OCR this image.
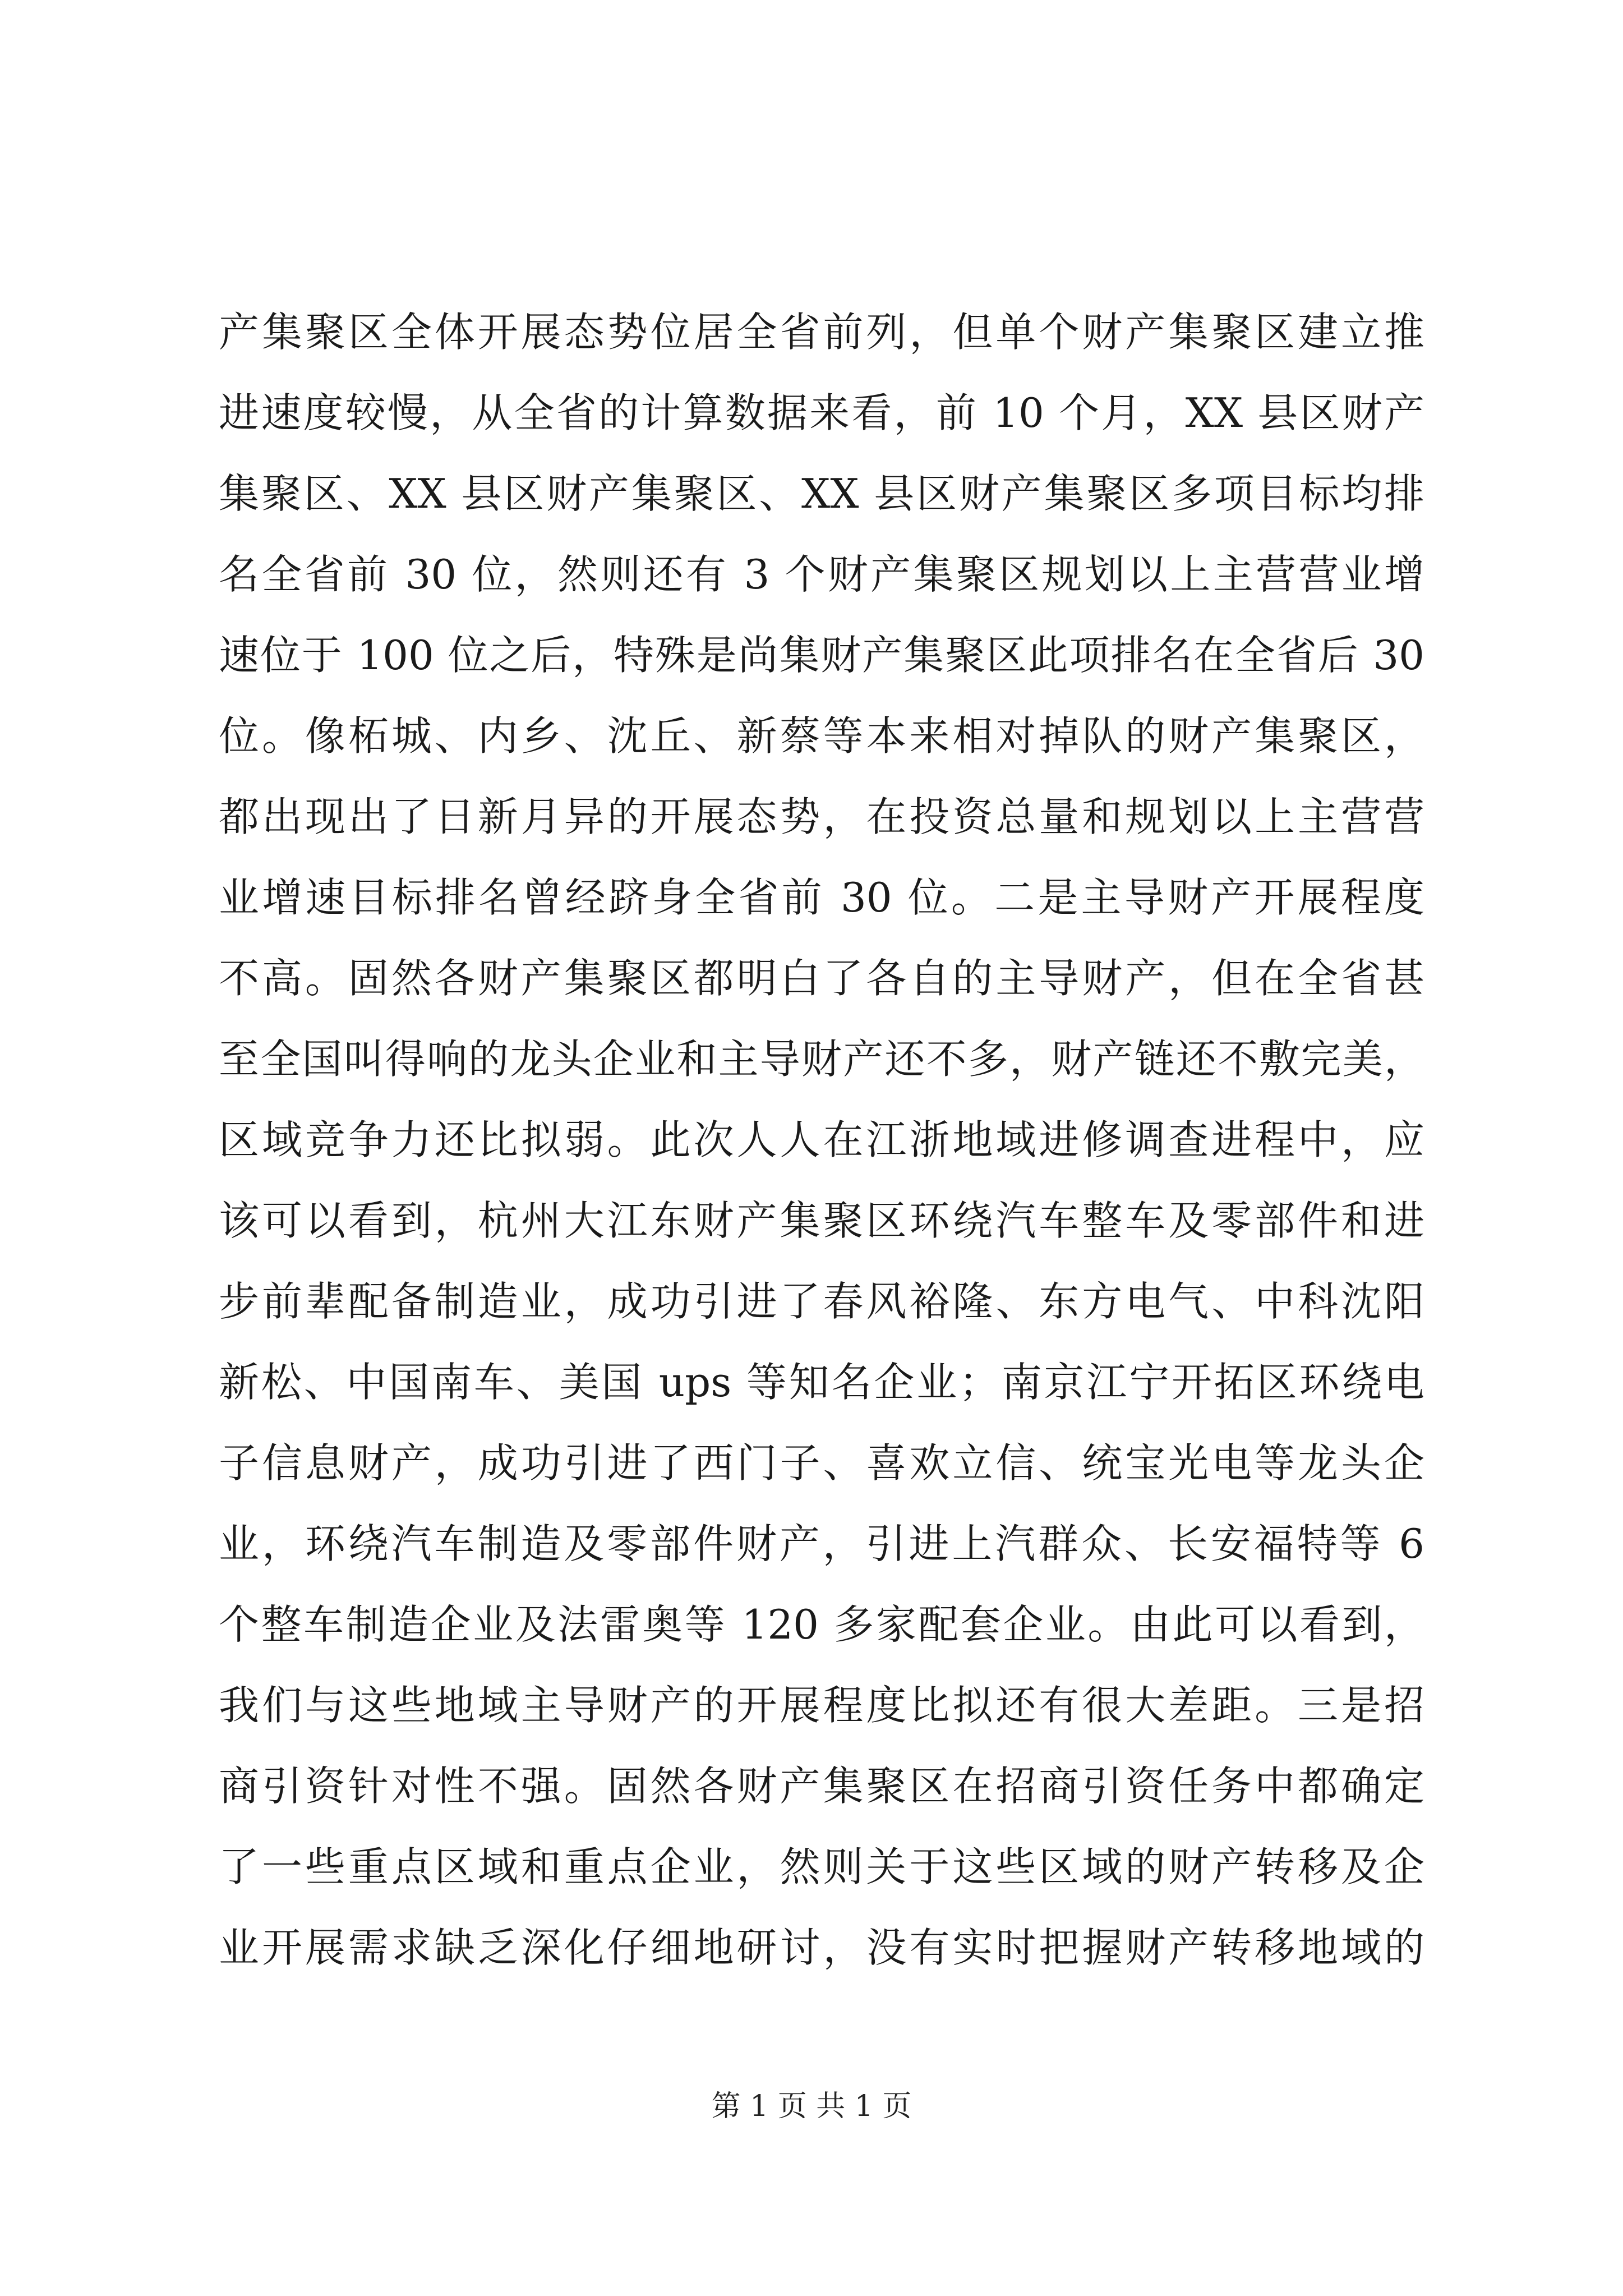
产集聚区全体开展态势位居全省前列，但单个财产集聚区建立推
进速度较慢，从全省的计算数据来看，前 10 个月，XX 县区财产
集聚区、XX 县区财产集聚区、XX 县区财产集聚区多项目标均排
名全省前 30 位，然则还有 3 个财产集聚区规划以上主营营业增
速位于 100 位之后，特殊是尚集财产集聚区此项排名在全省后 30
位。像柘城、内乡、沈丘、新蔡等本来相对掉队的财产集聚区，
都出现出了日新月异的开展态势，在投资总量和规划以上主营营
业增速目标排名曾经跻身全省前 30 位。二是主导财产开展程度
不高。固然各财产集聚区都明白了各自的主导财产，但在全省甚
至全国叫得响的龙头企业和主导财产还不多，财产链还不敷完美，
区域竞争力还比拟弱。此次人人在江浙地域进修调查进程中，应
该可以看到，杭州大江东财产集聚区环绕汽车整车及零部件和进
步前辈配备制造业，成功引进了春风裕隆、东方电气、中科沈阳
新松、中国南车、美国 ups 等知名企业；南京江宁开拓区环绕电
子信息财产，成功引进了西门子、喜欢立信、统宝光电等龙头企
业，环绕汽车制造及零部件财产，引进上汽群众、长安福特等 6
个整车制造企业及法雷奥等 120 多家配套企业。由此可以看到，
我们与这些地域主导财产的开展程度比拟还有很大差距。三是招
商引资针对性不强。固然各财产集聚区在招商引资任务中都确定
了一些重点区域和重点企业，然则关于这些区域的财产转移及企
业开展需求缺乏深化仔细地研讨，没有实时把握财产转移地域的
第 1 页 共 1 页
